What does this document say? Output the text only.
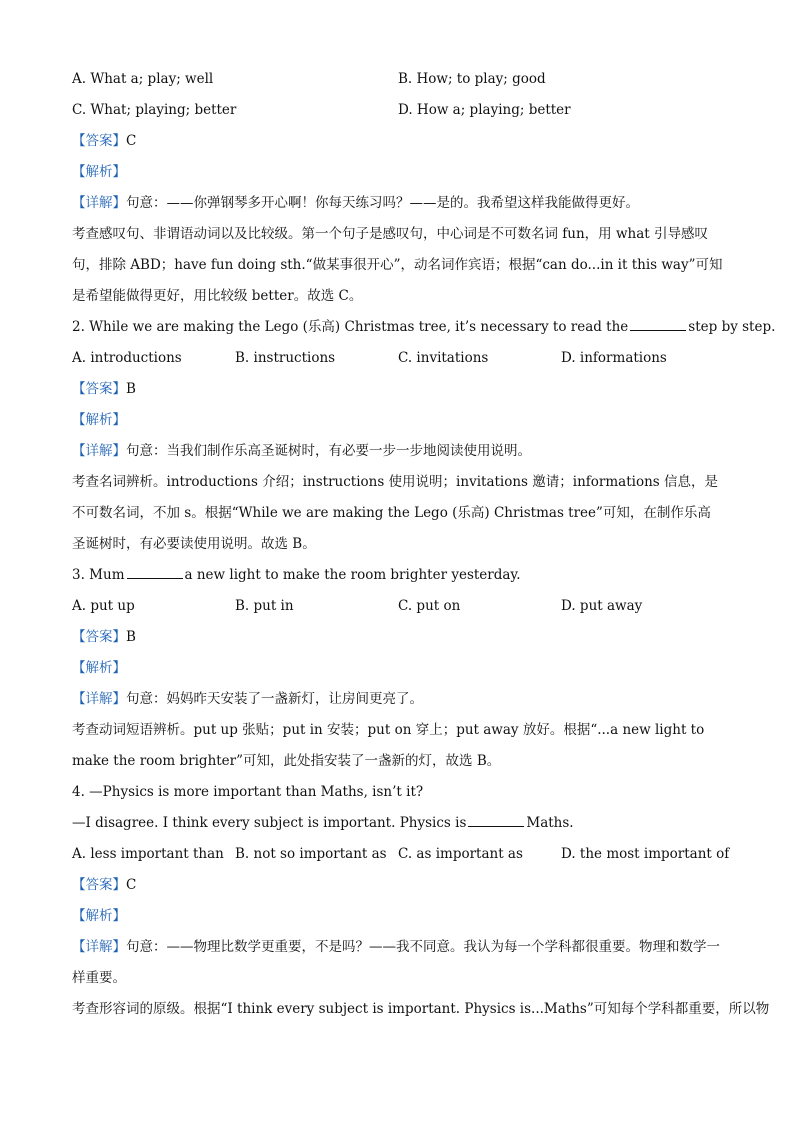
A. What a; play; well	B. How; to play; good
C. What; playing; better	D. How a; playing; better
【答案】C
【解析】
【详解】句意：——你弹钢琴多开心啊！你每天练习吗？——是的。我希望这样我能做得更好。
考查感叹句、非谓语动词以及比较级。第一个句子是感叹句，中心词是不可数名词 fun，用 what 引导感叹句，排除 ABD；have fun doing sth.“做某事很开心”，动名词作宾语；根据“can do...in it this way”可知是希望能做得更好，用比较级 better。故选 C。
2. While we are making the Lego (乐高) Christmas tree, it’s necessary to read the	step by step.
A. introductions	B. instructions	C. invitations	D. informations
【答案】B
【解析】
【详解】句意：当我们制作乐高圣诞树时，有必要一步一步地阅读使用说明。
考查名词辨析。introductions 介绍；instructions 使用说明；invitations 邀请；informations 信息，是不可数名词，不加 s。根据“While we are making the Lego (乐高) Christmas tree”可知，在制作乐高圣诞树时，有必要读使用说明。故选 B。
3. Mum	a new light to make the room brighter yesterday.
A. put up	B. put in	C. put on	D. put away
【答案】B
【解析】
【详解】句意：妈妈昨天安装了一盏新灯，让房间更亮了。
考查动词短语辨析。put up 张贴；put in 安装；put on 穿上；put away 放好。根据“...a new light to make the room brighter”可知，此处指安装了一盏新的灯，故选 B。
4. —Physics is more important than Maths, isn’t it?
—I disagree. I think every subject is important. Physics is	Maths.
A. less important than B. not so important as C. as important as	D. the most important of
【答案】C
【解析】
【详解】句意：——物理比数学更重要，不是吗？——我不同意。我认为每一个学科都很重要。物理和数学一样重要。
考查形容词的原级。根据“I think every subject is important. Physics is...Maths”可知每个学科都重要，所以物
